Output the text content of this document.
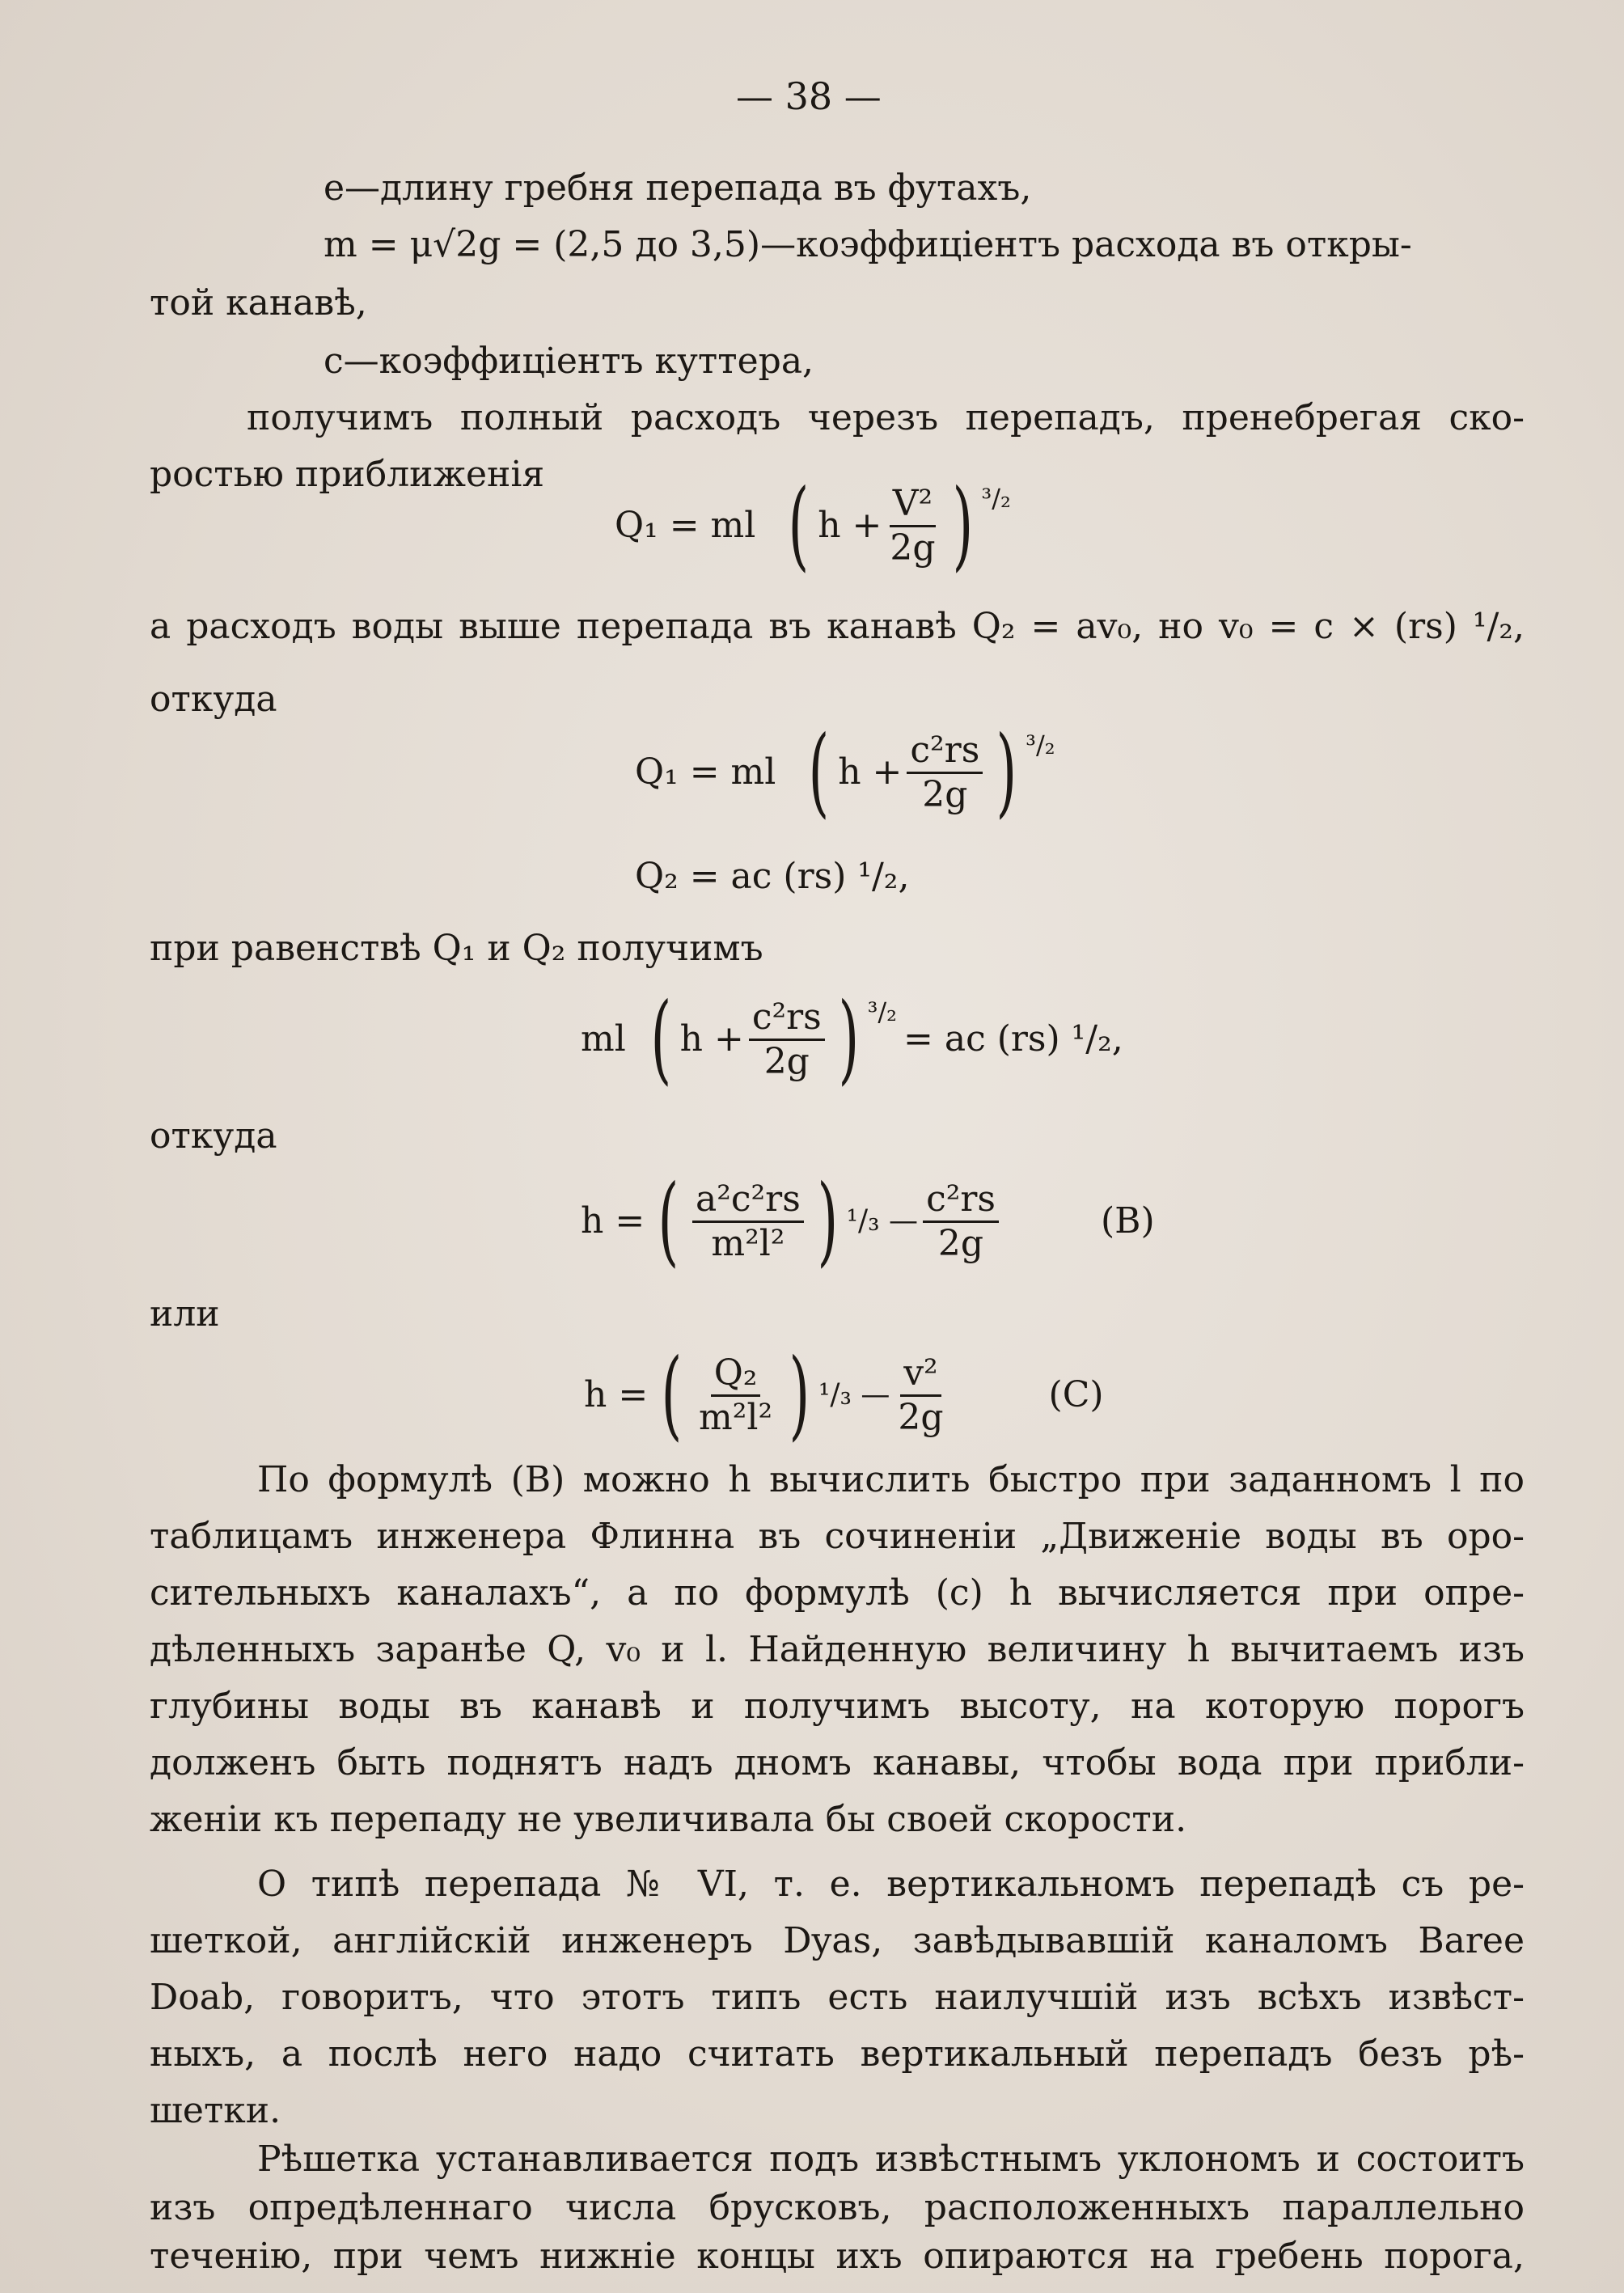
— 38 —

е—длину гребня перепада въ футахъ,

m = μ √2g = (2,5 до 3,5)—коэффиціентъ расхода въ откры-

той канавѣ,

с—коэффиціентъ куттера,

получимъ полный расходъ черезъ перепадъ, пренебрегая ско-

ростью приближенія

Q₁ = ml ( $h + \frac{\text{V²}}{2g}$ ) ³/₂

а расходъ воды выше перепада въ канавѣ Q₂ = av₀, но v₀ = c × (rs) ¹/₂,

откуда

Q₁ = ml ( $h + \frac{\text{c²rs}}{2g}$ ) ³/₂
Q₂ = ac (rs) ¹/₂,

при равенствѣ Q₁ и Q₂ получимъ

ml ( $h + \frac{\text{c²rs}}{2g}$ ) ³/₂
= ac (rs) ¹/₂,

откуда

h = ( $\frac{\text{a²c²rs}}{\text{m²l²}}$ ) ¹/₃ — $\frac{\text{c²rs}}{2g}$	(B)

или

h = ( $\frac{\text{Q₂}}{\text{m²l²}}$ ) ¹/₃ — $\frac{\text{v²}}{2g}$	(C)

По формулѣ (B) можно h вычислить быстро при заданномъ l по

таблицамъ инженера Флинна въ сочиненіи „Движеніе воды въ оро-

сительныхъ каналахъ“, а по формулѣ (c) h вычисляется при опре-

дѣленныхъ заранѣе Q, v₀ и l. Найденную величину h вычитаемъ изъ

глубины воды въ канавѣ и получимъ высоту, на которую порогъ

долженъ быть поднятъ надъ дномъ канавы, чтобы вода при прибли-

женіи къ перепаду не увеличивала бы своей скорости.

О типѣ перепада № VI, т. е. вертикальномъ перепадѣ съ ре-

шеткой, англійскій инженеръ Dyas, завѣдывавшій каналомъ Baree

Doab, говоритъ, что этотъ типъ есть наилучшій изъ всѣхъ извѣст-

ныхъ, а послѣ него надо считать вертикальный перепадъ безъ рѣ-

шетки.

Рѣшетка устанавливается подъ извѣстнымъ уклономъ и состоитъ

изъ опредѣленнаго числа брусковъ, расположенныхъ параллельно

теченію, при чемъ нижніе концы ихъ опираются на гребень порога,
